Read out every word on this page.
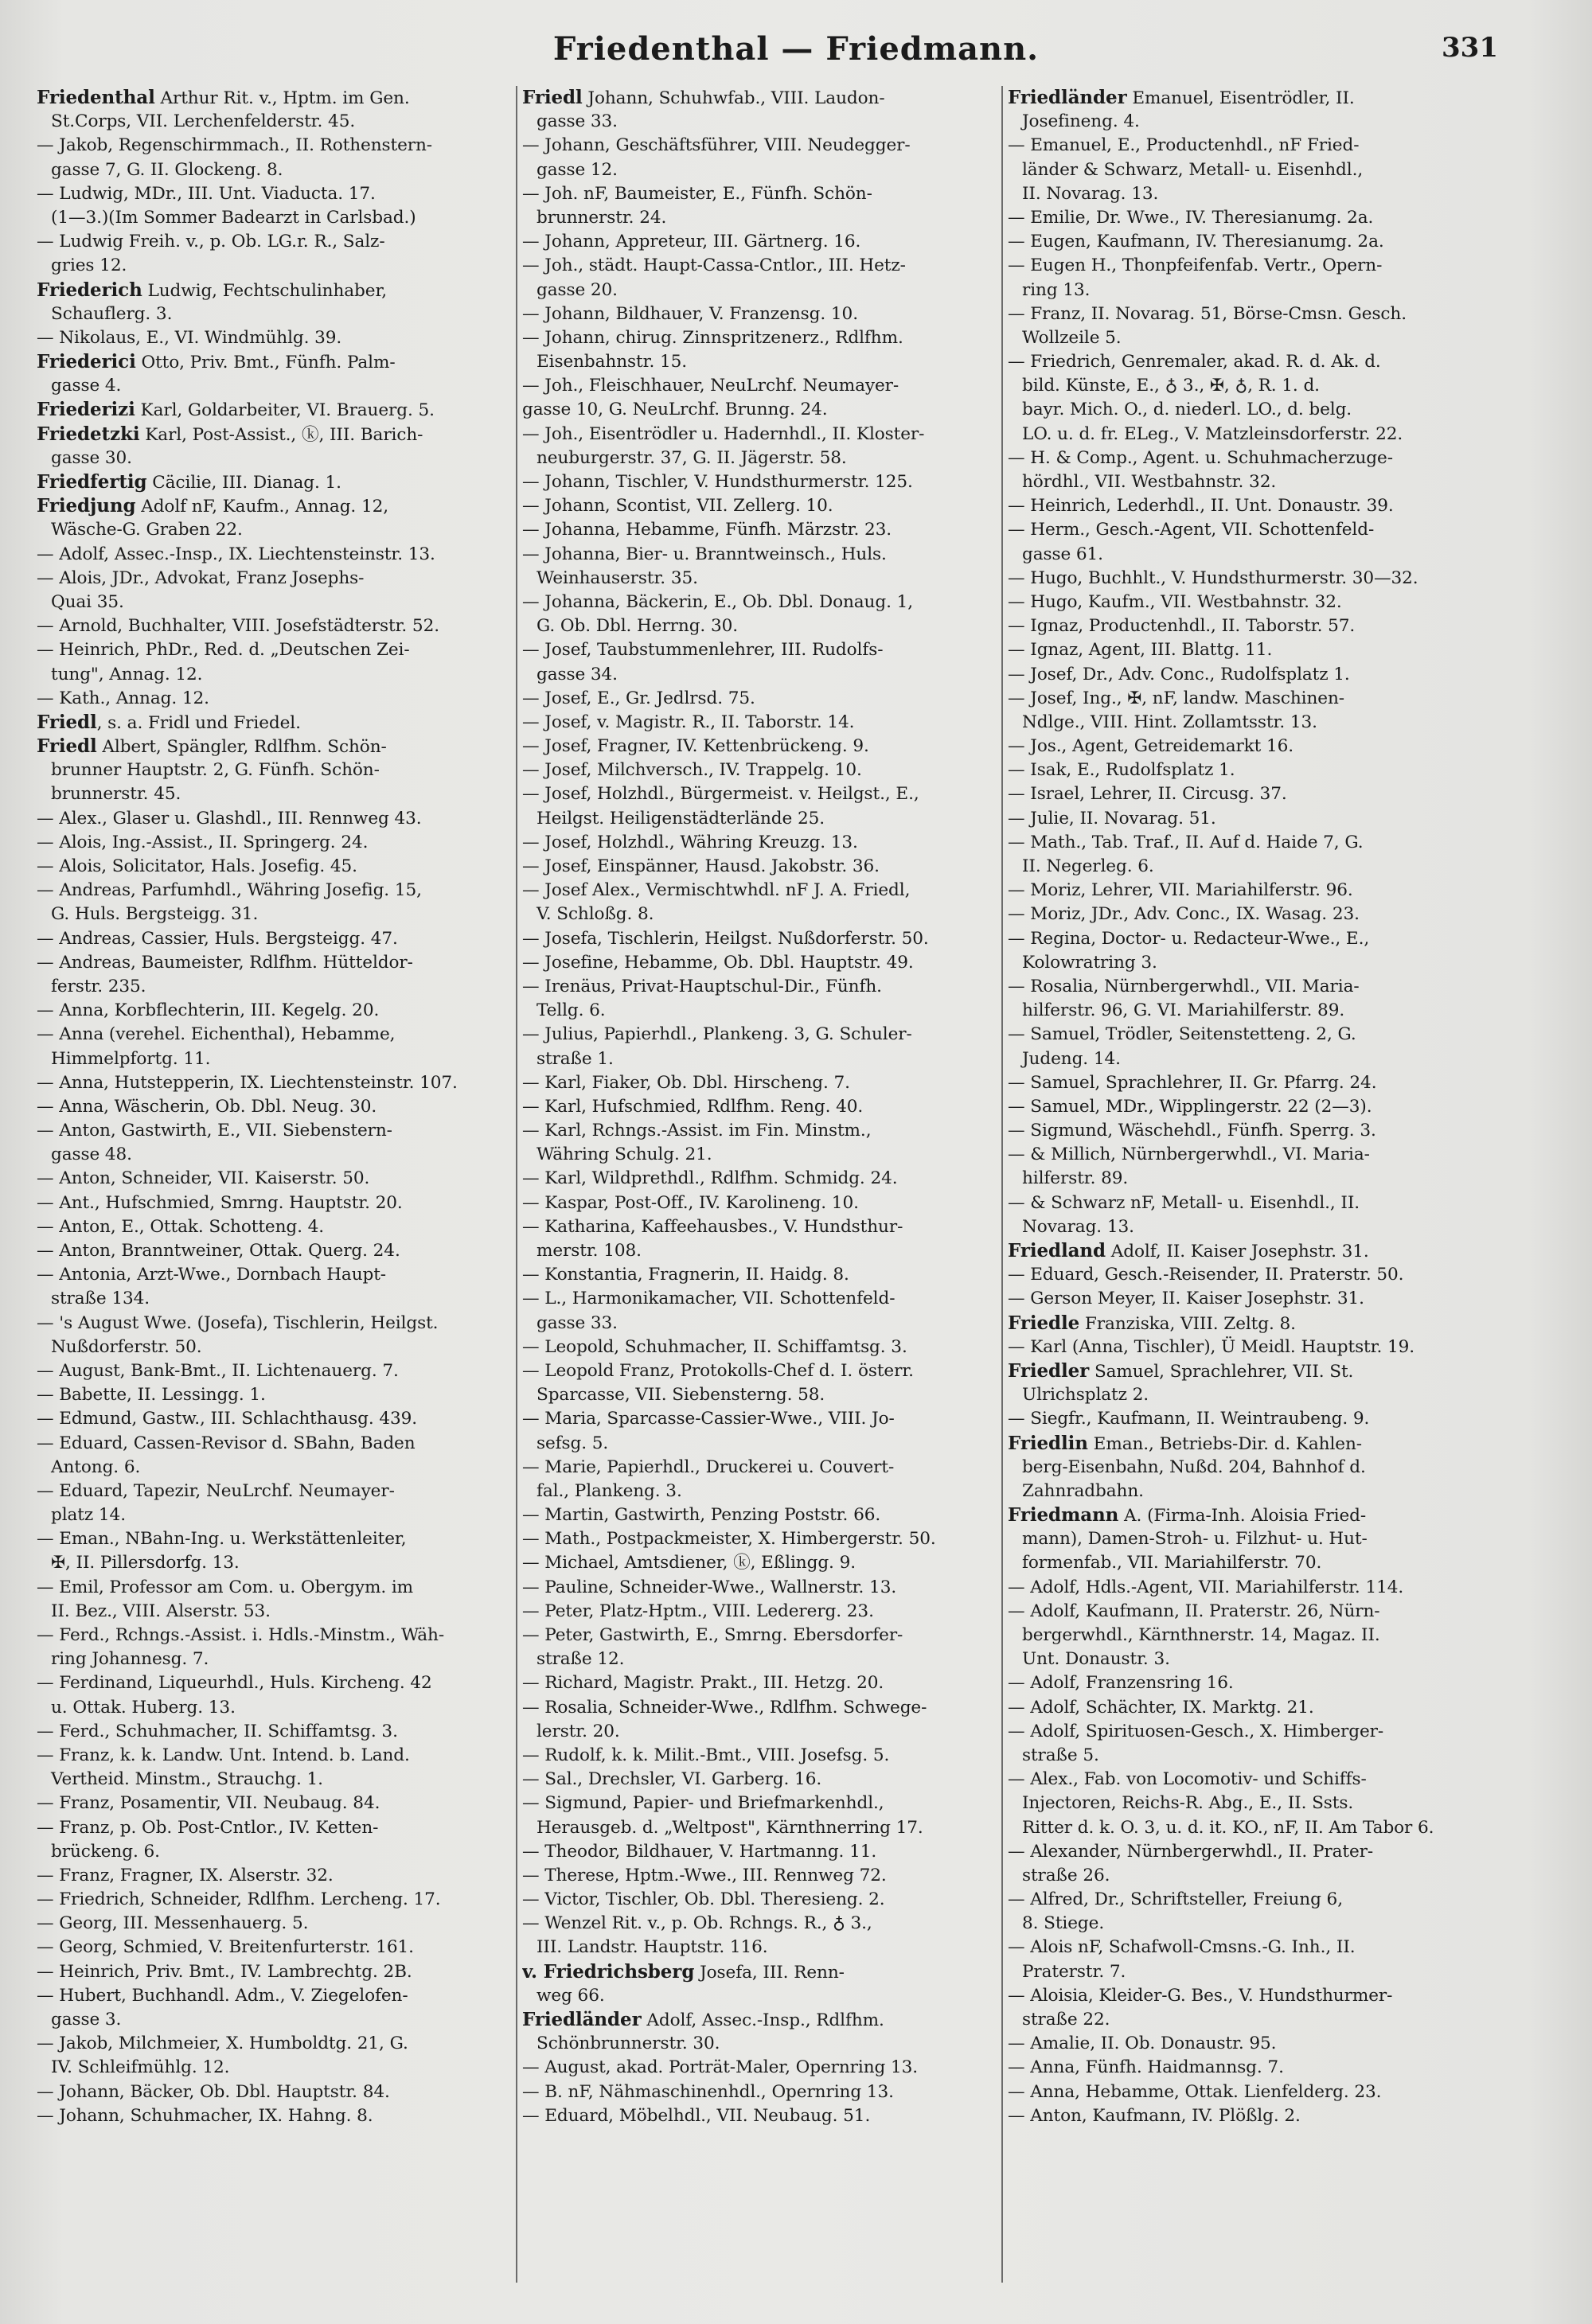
Friedenthal — Friedmann.	331
Friedenthal Arthur Rit. v., Hptm. im Gen.
St.Corps, VII. Lerchenfelderstr. 45.
— Jakob, Regenschirmmach., II. Rothenstern-
gasse 7, G. II. Glockeng. 8.
— Ludwig, MDr., III. Unt. Viaducta. 17.
(1—3.)(Im Sommer Badearzt in Carlsbad.)
— Ludwig Freih. v., p. Ob. LG.r. R., Salz-
gries 12.
Friederich Ludwig, Fechtschulinhaber,
Schauflerg. 3.
— Nikolaus, E., VI. Windmühlg. 39.
Friederici Otto, Priv. Bmt., Fünfh. Palm-
gasse 4.
Friederizi Karl, Goldarbeiter, VI. Brauerg. 5.
Friedetzki Karl, Post-Assist., ⓚ, III. Barich-
gasse 30.
Friedfertig Cäcilie, III. Dianag. 1.
Friedjung Adolf nF, Kaufm., Annag. 12,
Wäsche-G. Graben 22.
— Adolf, Assec.-Insp., IX. Liechtensteinstr. 13.
— Alois, JDr., Advokat, Franz Josephs-
Quai 35.
— Arnold, Buchhalter, VIII. Josefstädterstr. 52.
— Heinrich, PhDr., Red. d. „Deutschen Zei-
tung", Annag. 12.
— Kath., Annag. 12.
Friedl, s. a. Fridl und Friedel.
Friedl Albert, Spängler, Rdlfhm. Schön-
brunner Hauptstr. 2, G. Fünfh. Schön-
brunnerstr. 45.
— Alex., Glaser u. Glashdl., III. Rennweg 43.
— Alois, Ing.-Assist., II. Springerg. 24.
— Alois, Solicitator, Hals. Josefig. 45.
— Andreas, Parfumhdl., Währing Josefig. 15,
G. Huls. Bergsteigg. 31.
— Andreas, Cassier, Huls. Bergsteigg. 47.
— Andreas, Baumeister, Rdlfhm. Hütteldor-
ferstr. 235.
— Anna, Korbflechterin, III. Kegelg. 20.
— Anna (verehel. Eichenthal), Hebamme,
Himmelpfortg. 11.
— Anna, Hutstepperin, IX. Liechtensteinstr. 107.
— Anna, Wäscherin, Ob. Dbl. Neug. 30.
— Anton, Gastwirth, E., VII. Siebenstern-
gasse 48.
— Anton, Schneider, VII. Kaiserstr. 50.
— Ant., Hufschmied, Smrng. Hauptstr. 20.
— Anton, E., Ottak. Schotteng. 4.
— Anton, Branntweiner, Ottak. Querg. 24.
— Antonia, Arzt-Wwe., Dornbach Haupt-
straße 134.
— 's August Wwe. (Josefa), Tischlerin, Heilgst.
Nußdorferstr. 50.
— August, Bank-Bmt., II. Lichtenauerg. 7.
— Babette, II. Lessingg. 1.
— Edmund, Gastw., III. Schlachthausg. 439.
— Eduard, Cassen-Revisor d. SBahn, Baden
Antong. 6.
— Eduard, Tapezir, NeuLrchf. Neumayer-
platz 14.
— Eman., NBahn-Ing. u. Werkstättenleiter,
✠, II. Pillersdorfg. 13.
— Emil, Professor am Com. u. Obergym. im
II. Bez., VIII. Alserstr. 53.
— Ferd., Rchngs.-Assist. i. Hdls.-Minstm., Wäh-
ring Johannesg. 7.
— Ferdinand, Liqueurhdl., Huls. Kircheng. 42
u. Ottak. Huberg. 13.
— Ferd., Schuhmacher, II. Schiffamtsg. 3.
— Franz, k. k. Landw. Unt. Intend. b. Land.
Vertheid. Minstm., Strauchg. 1.
— Franz, Posamentir, VII. Neubaug. 84.
— Franz, p. Ob. Post-Cntlor., IV. Ketten-
brückeng. 6.
— Franz, Fragner, IX. Alserstr. 32.
— Friedrich, Schneider, Rdlfhm. Lercheng. 17.
— Georg, III. Messenhauerg. 5.
— Georg, Schmied, V. Breitenfurterstr. 161.
— Heinrich, Priv. Bmt., IV. Lambrechtg. 2B.
— Hubert, Buchhandl. Adm., V. Ziegelofen-
gasse 3.
— Jakob, Milchmeier, X. Humboldtg. 21, G.
IV. Schleifmühlg. 12.
— Johann, Bäcker, Ob. Dbl. Hauptstr. 84.
— Johann, Schuhmacher, IX. Hahng. 8.
Friedl Johann, Schuhwfab., VIII. Laudon-
gasse 33.
— Johann, Geschäftsführer, VIII. Neudegger-
gasse 12.
— Joh. nF, Baumeister, E., Fünfh. Schön-
brunnerstr. 24.
— Johann, Appreteur, III. Gärtnerg. 16.
— Joh., städt. Haupt-Cassa-Cntlor., III. Hetz-
gasse 20.
— Johann, Bildhauer, V. Franzensg. 10.
— Johann, chirug. Zinnspritzenerz., Rdlfhm.
Eisenbahnstr. 15.
— Joh., Fleischhauer, NeuLrchf. Neumayer-
gasse 10, G. NeuLrchf. Brunng. 24.
— Joh., Eisentrödler u. Hadernhdl., II. Kloster-
neuburgerstr. 37, G. II. Jägerstr. 58.
— Johann, Tischler, V. Hundsthurmerstr. 125.
— Johann, Scontist, VII. Zellerg. 10.
— Johanna, Hebamme, Fünfh. Märzstr. 23.
— Johanna, Bier- u. Branntweinsch., Huls.
Weinhauserstr. 35.
— Johanna, Bäckerin, E., Ob. Dbl. Donaug. 1,
G. Ob. Dbl. Herrng. 30.
— Josef, Taubstummenlehrer, III. Rudolfs-
gasse 34.
— Josef, E., Gr. Jedlrsd. 75.
— Josef, v. Magistr. R., II. Taborstr. 14.
— Josef, Fragner, IV. Kettenbrückeng. 9.
— Josef, Milchversch., IV. Trappelg. 10.
— Josef, Holzhdl., Bürgermeist. v. Heilgst., E.,
Heilgst. Heiligenstädterlände 25.
— Josef, Holzhdl., Währing Kreuzg. 13.
— Josef, Einspänner, Hausd. Jakobstr. 36.
— Josef Alex., Vermischtwhdl. nF J. A. Friedl,
V. Schloßg. 8.
— Josefa, Tischlerin, Heilgst. Nußdorferstr. 50.
— Josefine, Hebamme, Ob. Dbl. Hauptstr. 49.
— Irenäus, Privat-Hauptschul-Dir., Fünfh.
Tellg. 6.
— Julius, Papierhdl., Plankeng. 3, G. Schuler-
straße 1.
— Karl, Fiaker, Ob. Dbl. Hirscheng. 7.
— Karl, Hufschmied, Rdlfhm. Reng. 40.
— Karl, Rchngs.-Assist. im Fin. Minstm.,
Währing Schulg. 21.
— Karl, Wildprethdl., Rdlfhm. Schmidg. 24.
— Kaspar, Post-Off., IV. Karolineng. 10.
— Katharina, Kaffeehausbes., V. Hundsthur-
merstr. 108.
— Konstantia, Fragnerin, II. Haidg. 8.
— L., Harmonikamacher, VII. Schottenfeld-
gasse 33.
— Leopold, Schuhmacher, II. Schiffamtsg. 3.
— Leopold Franz, Protokolls-Chef d. I. österr.
Sparcasse, VII. Siebensterng. 58.
— Maria, Sparcasse-Cassier-Wwe., VIII. Jo-
sefsg. 5.
— Marie, Papierhdl., Druckerei u. Couvert-
fal., Plankeng. 3.
— Martin, Gastwirth, Penzing Poststr. 66.
— Math., Postpackmeister, X. Himbergerstr. 50.
— Michael, Amtsdiener, ⓚ, Eßlingg. 9.
— Pauline, Schneider-Wwe., Wallnerstr. 13.
— Peter, Platz-Hptm., VIII. Ledererg. 23.
— Peter, Gastwirth, E., Smrng. Ebersdorfer-
straße 12.
— Richard, Magistr. Prakt., III. Hetzg. 20.
— Rosalia, Schneider-Wwe., Rdlfhm. Schwege-
lerstr. 20.
— Rudolf, k. k. Milit.-Bmt., VIII. Josefsg. 5.
— Sal., Drechsler, VI. Garberg. 16.
— Sigmund, Papier- und Briefmarkenhdl.,
Herausgeb. d. „Weltpost", Kärnthnerring 17.
— Theodor, Bildhauer, V. Hartmanng. 11.
— Therese, Hptm.-Wwe., III. Rennweg 72.
— Victor, Tischler, Ob. Dbl. Theresieng. 2.
— Wenzel Rit. v., p. Ob. Rchngs. R., ♁ 3.,
III. Landstr. Hauptstr. 116.
v. Friedrichsberg Josefa, III. Renn-
weg 66.
Friedländer Adolf, Assec.-Insp., Rdlfhm.
Schönbrunnerstr. 30.
— August, akad. Porträt-Maler, Opernring 13.
— B. nF, Nähmaschinenhdl., Opernring 13.
— Eduard, Möbelhdl., VII. Neubaug. 51.
Friedländer Emanuel, Eisentrödler, II.
Josefineng. 4.
— Emanuel, E., Productenhdl., nF Fried-
länder & Schwarz, Metall- u. Eisenhdl.,
II. Novarag. 13.
— Emilie, Dr. Wwe., IV. Theresianumg. 2a.
— Eugen, Kaufmann, IV. Theresianumg. 2a.
— Eugen H., Thonpfeifenfab. Vertr., Opern-
ring 13.
— Franz, II. Novarag. 51, Börse-Cmsn. Gesch.
Wollzeile 5.
— Friedrich, Genremaler, akad. R. d. Ak. d.
bild. Künste, E., ♁ 3., ✠, ♁, R. 1. d.
bayr. Mich. O., d. niederl. LO., d. belg.
LO. u. d. fr. ELeg., V. Matzleinsdorferstr. 22.
— H. & Comp., Agent. u. Schuhmacherzuge-
hördhl., VII. Westbahnstr. 32.
— Heinrich, Lederhdl., II. Unt. Donaustr. 39.
— Herm., Gesch.-Agent, VII. Schottenfeld-
gasse 61.
— Hugo, Buchhlt., V. Hundsthurmerstr. 30—32.
— Hugo, Kaufm., VII. Westbahnstr. 32.
— Ignaz, Productenhdl., II. Taborstr. 57.
— Ignaz, Agent, III. Blattg. 11.
— Josef, Dr., Adv. Conc., Rudolfsplatz 1.
— Josef, Ing., ✠, nF, landw. Maschinen-
Ndlge., VIII. Hint. Zollamtsstr. 13.
— Jos., Agent, Getreidemarkt 16.
— Isak, E., Rudolfsplatz 1.
— Israel, Lehrer, II. Circusg. 37.
— Julie, II. Novarag. 51.
— Math., Tab. Traf., II. Auf d. Haide 7, G.
II. Negerleg. 6.
— Moriz, Lehrer, VII. Mariahilferstr. 96.
— Moriz, JDr., Adv. Conc., IX. Wasag. 23.
— Regina, Doctor- u. Redacteur-Wwe., E.,
Kolowratring 3.
— Rosalia, Nürnbergerwhdl., VII. Maria-
hilferstr. 96, G. VI. Mariahilferstr. 89.
— Samuel, Trödler, Seitenstetteng. 2, G.
Judeng. 14.
— Samuel, Sprachlehrer, II. Gr. Pfarrg. 24.
— Samuel, MDr., Wipplingerstr. 22 (2—3).
— Sigmund, Wäschehdl., Fünfh. Sperrg. 3.
— & Millich, Nürnbergerwhdl., VI. Maria-
hilferstr. 89.
— & Schwarz nF, Metall- u. Eisenhdl., II.
Novarag. 13.
Friedland Adolf, II. Kaiser Josephstr. 31.
— Eduard, Gesch.-Reisender, II. Praterstr. 50.
— Gerson Meyer, II. Kaiser Josephstr. 31.
Friedle Franziska, VIII. Zeltg. 8.
— Karl (Anna, Tischler), Ü Meidl. Hauptstr. 19.
Friedler Samuel, Sprachlehrer, VII. St.
Ulrichsplatz 2.
— Siegfr., Kaufmann, II. Weintraubeng. 9.
Friedlin Eman., Betriebs-Dir. d. Kahlen-
berg-Eisenbahn, Nußd. 204, Bahnhof d.
Zahnradbahn.
Friedmann A. (Firma-Inh. Aloisia Fried-
mann), Damen-Stroh- u. Filzhut- u. Hut-
formenfab., VII. Mariahilferstr. 70.
— Adolf, Hdls.-Agent, VII. Mariahilferstr. 114.
— Adolf, Kaufmann, II. Praterstr. 26, Nürn-
bergerwhdl., Kärnthnerstr. 14, Magaz. II.
Unt. Donaustr. 3.
— Adolf, Franzensring 16.
— Adolf, Schächter, IX. Marktg. 21.
— Adolf, Spirituosen-Gesch., X. Himberger-
straße 5.
— Alex., Fab. von Locomotiv- und Schiffs-
Injectoren, Reichs-R. Abg., E., II. Ssts.
Ritter d. k. O. 3, u. d. it. KO., nF, II. Am Tabor 6.
— Alexander, Nürnbergerwhdl., II. Prater-
straße 26.
— Alfred, Dr., Schriftsteller, Freiung 6,
8. Stiege.
— Alois nF, Schafwoll-Cmsns.-G. Inh., II.
Praterstr. 7.
— Aloisia, Kleider-G. Bes., V. Hundsthurmer-
straße 22.
— Amalie, II. Ob. Donaustr. 95.
— Anna, Fünfh. Haidmannsg. 7.
— Anna, Hebamme, Ottak. Lienfelderg. 23.
— Anton, Kaufmann, IV. Plößlg. 2.
